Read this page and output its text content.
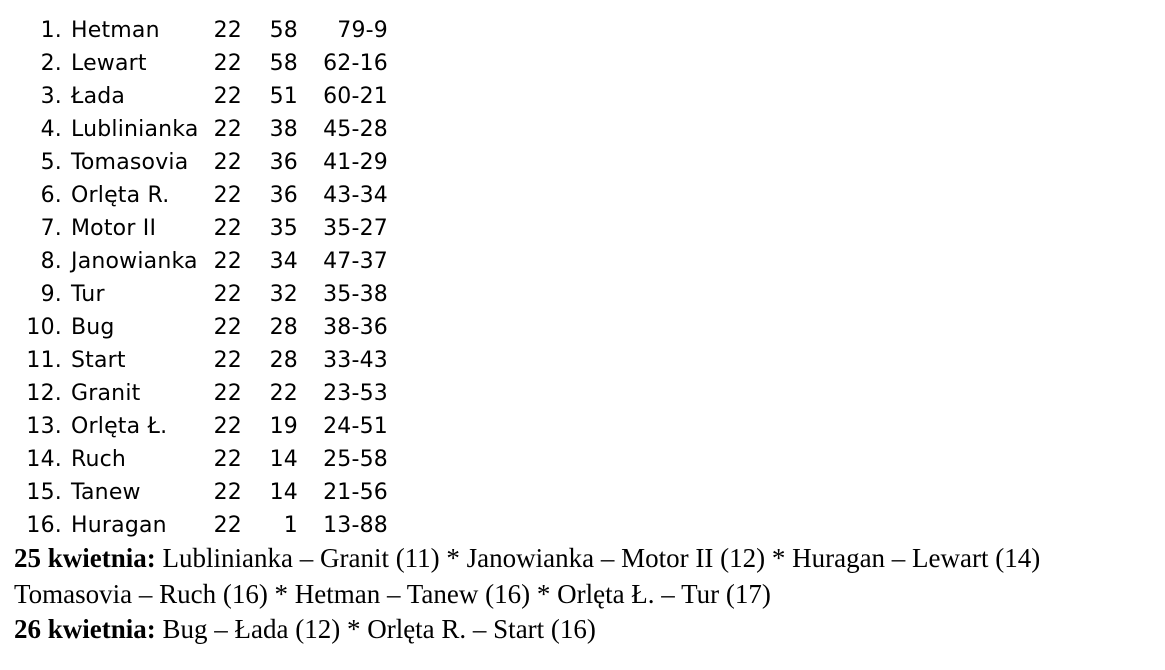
1. Hetman	22	58	79-9
2. Lewart	22	58	62-16
3. Łada	22	51	60-21
4. Lublinianka 22	38	45-28
5. Tomasovia	22	36	41-29
6. Orlęta R.	22	36	43-34
7. Motor II	22	35	35-27
8. Janowianka 22	34	47-37
9. Tur	22	32	35-38
10. Bug	22	28	38-36
11. Start	22	28	33-43
12. Granit	22	22	23-53
13. Orlęta Ł.	22	19	24-51
14. Ruch	22	14	25-58
15. Tanew	22	14	21-56
16. Huragan	22	1	13-88
25 kwietnia: Lublinianka – Granit (11) * Janowianka – Motor II (12) * Huragan – Lewart (14)
Tomasovia – Ruch (16) * Hetman – Tanew (16) * Orlęta Ł. – Tur (17)
26 kwietnia: Bug – Łada (12) * Orlęta R. – Start (16)
